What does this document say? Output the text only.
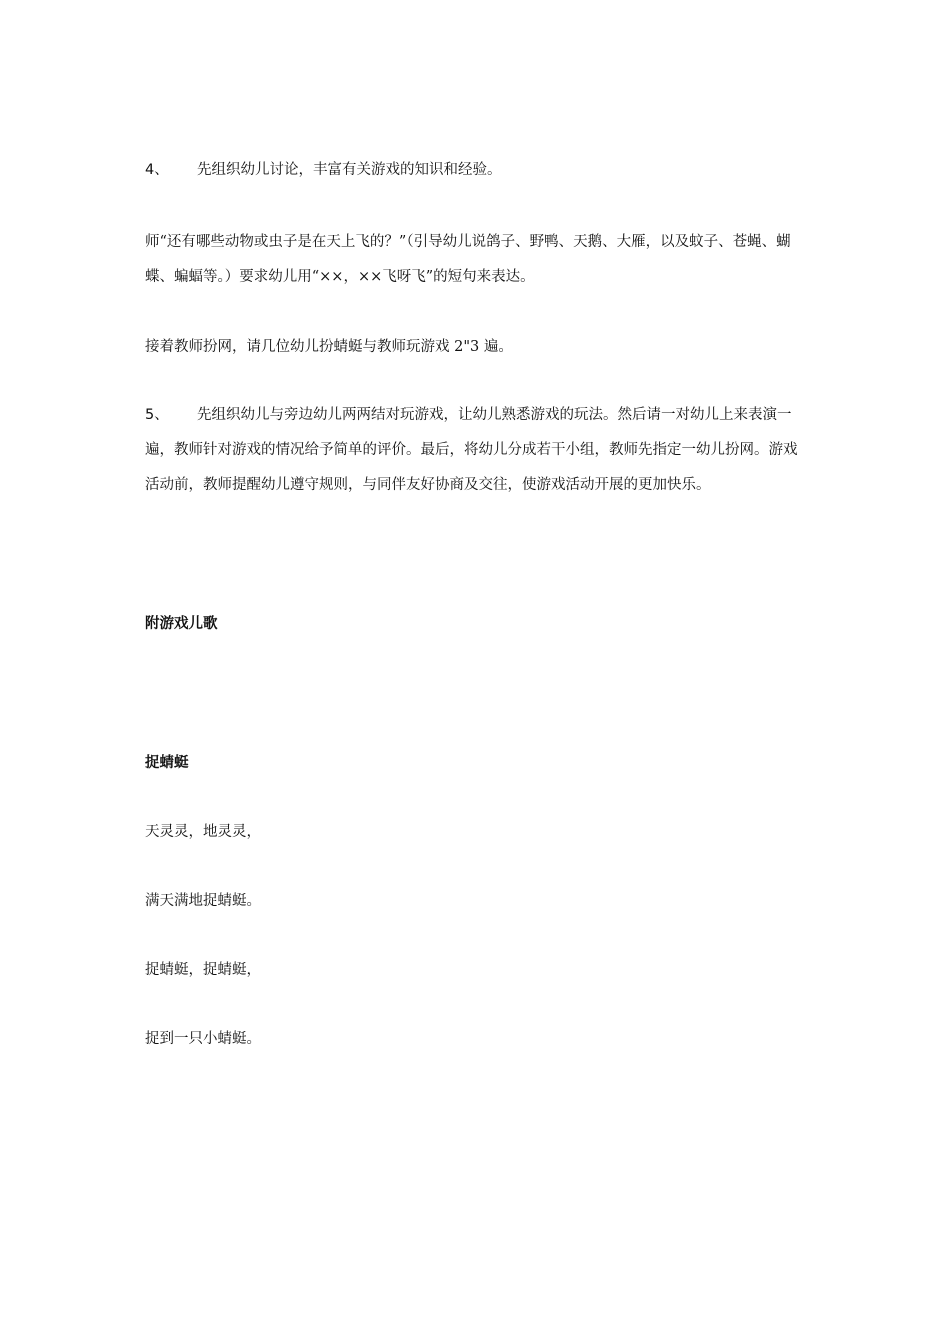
4、 先组织幼儿讨论，丰富有关游戏的知识和经验。

师“还有哪些动物或虫子是在天上飞的？”（引导幼儿说鸽子、野鸭、天鹅、大雁，以及蚊子、苍蝇、蝴蝶、蝙蝠等。）要求幼儿用“××，××飞呀飞”的短句来表达。

接着教师扮网，请几位幼儿扮蜻蜓与教师玩游戏 2"3 遍。

5、 先组织幼儿与旁边幼儿两两结对玩游戏，让幼儿熟悉游戏的玩法。然后请一对幼儿上来表演一遍，教师针对游戏的情况给予简单的评价。最后，将幼儿分成若干小组，教师先指定一幼儿扮网。游戏活动前，教师提醒幼儿遵守规则，与同伴友好协商及交往，使游戏活动开展的更加快乐。

附游戏儿歌

捉蜻蜓

天灵灵，地灵灵，

满天满地捉蜻蜓。

捉蜻蜓，捉蜻蜓，

捉到一只小蜻蜓。
